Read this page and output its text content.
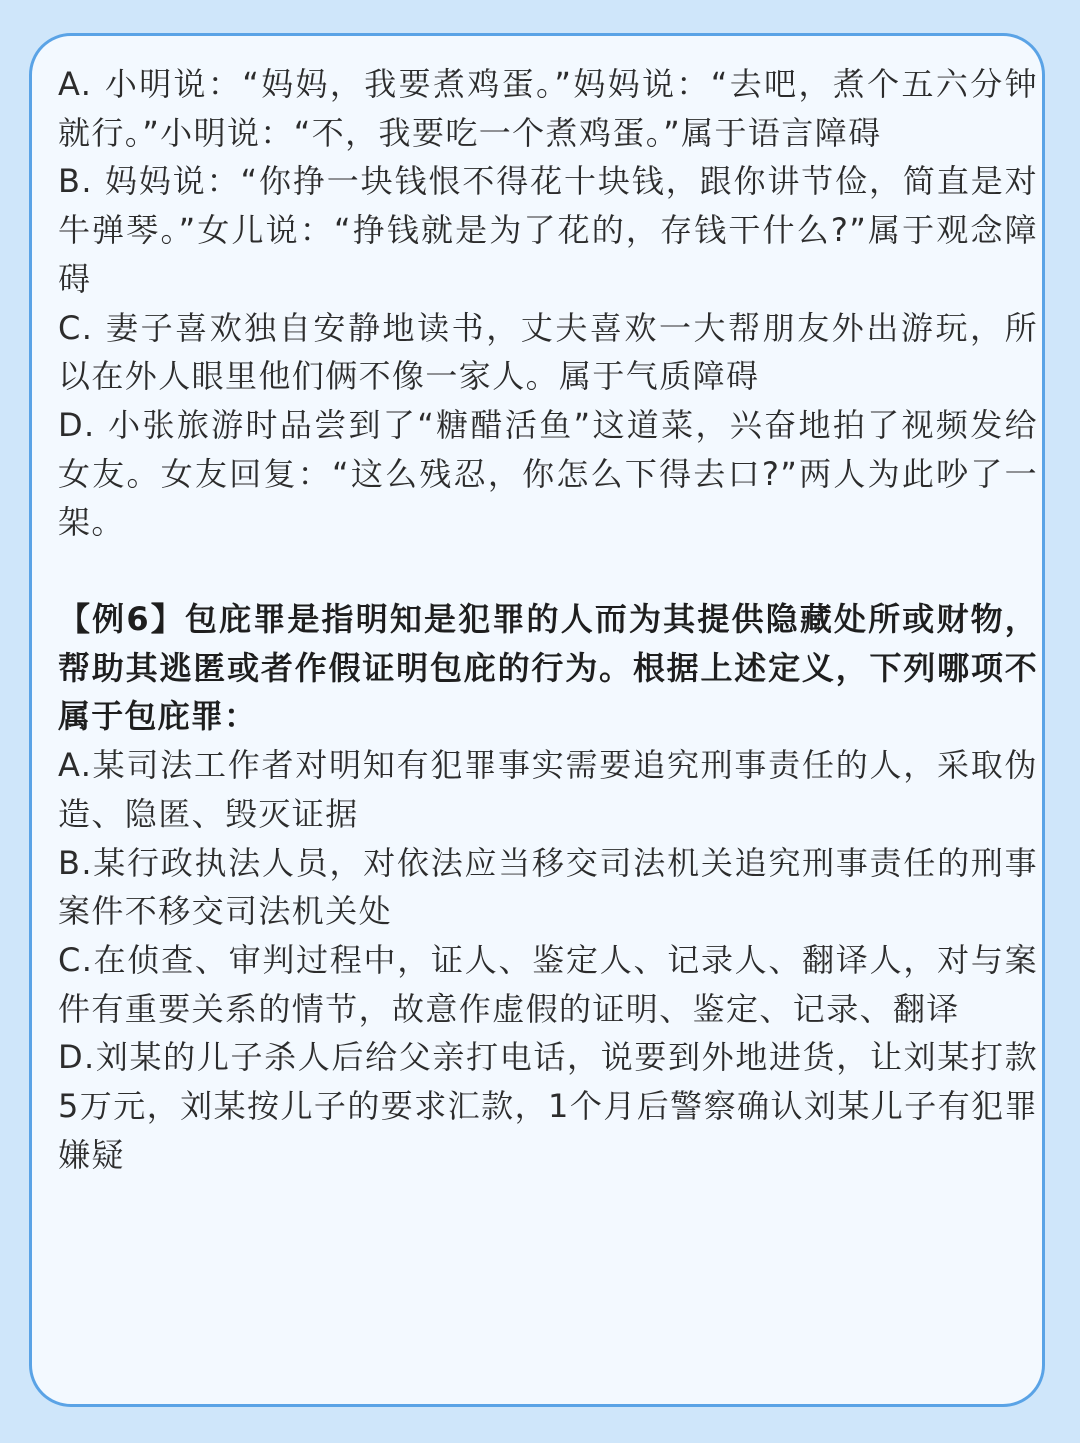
A. 小明说：“妈妈，我要煮鸡蛋。”妈妈说：“去吧，煮个五六分钟就行。”小明说：“不，我要吃一个煮鸡蛋。”属于语言障碍

B. 妈妈说：“你挣一块钱恨不得花十块钱，跟你讲节俭，简直是对牛弹琴。”女儿说：“挣钱就是为了花的，存钱干什么?”属于观念障碍

C. 妻子喜欢独自安静地读书，丈夫喜欢一大帮朋友外出游玩，所以在外人眼里他们俩不像一家人。属于气质障碍

D. 小张旅游时品尝到了“糖醋活鱼”这道菜，兴奋地拍了视频发给女友。女友回复：“这么残忍，你怎么下得去口?”两人为此吵了一架。

【例6】包庇罪是指明知是犯罪的人而为其提供隐藏处所或财物，帮助其逃匿或者作假证明包庇的行为。根据上述定义，下列哪项不属于包庇罪：

A.某司法工作者对明知有犯罪事实需要追究刑事责任的人，采取伪造、隐匿、毁灭证据

B.某行政执法人员，对依法应当移交司法机关追究刑事责任的刑事案件不移交司法机关处

C.在侦查、审判过程中，证人、鉴定人、记录人、翻译人，对与案件有重要关系的情节，故意作虚假的证明、鉴定、记录、翻译

D.刘某的儿子杀人后给父亲打电话，说要到外地进货，让刘某打款5万元，刘某按儿子的要求汇款，1个月后警察确认刘某儿子有犯罪嫌疑
